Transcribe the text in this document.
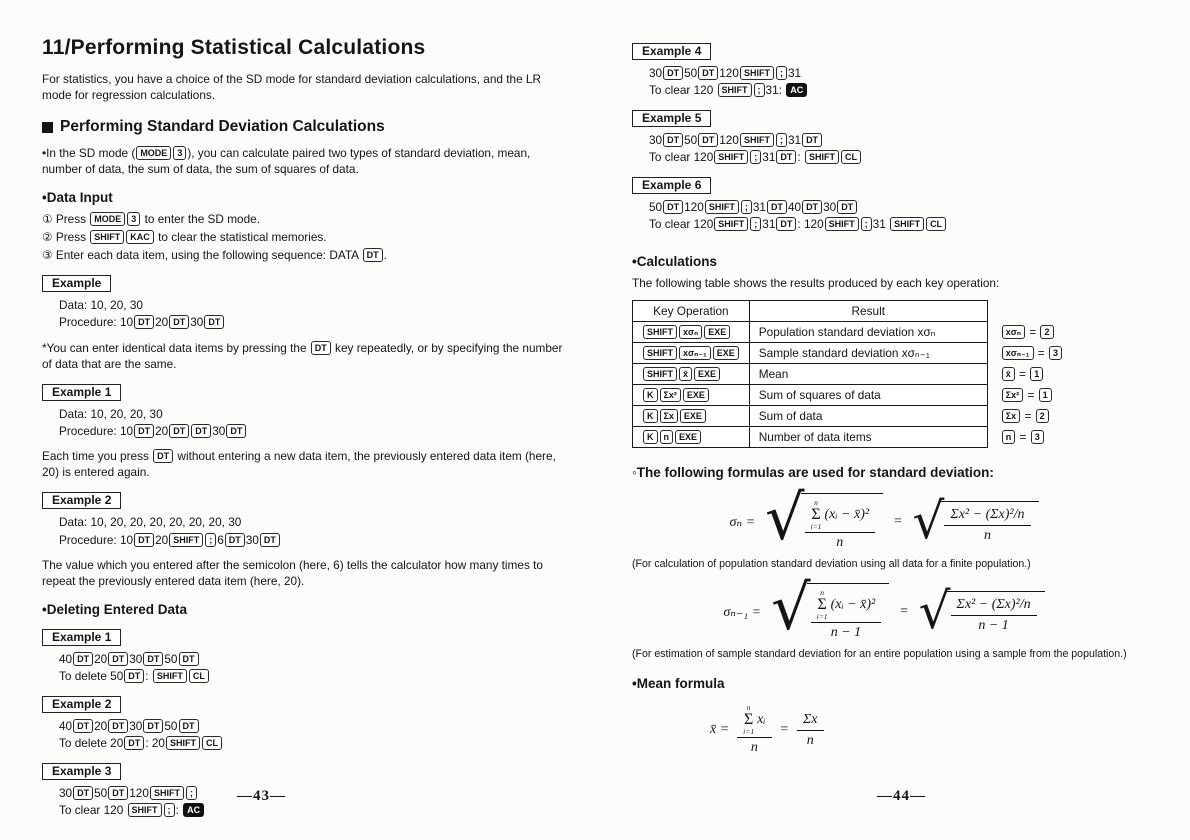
11/Performing Statistical Calculations

For statistics, you have a choice of the SD mode for standard deviation calculations, and the LR mode for regression calculations.

Performing Standard Deviation Calculations

•In the SD mode ( MODE 3 ), you can calculate paired two types of standard deviation, mean, number of data, the sum of data, the sum of squares of data.

•Data Input

① Press MODE 3 to enter the SD mode.

② Press SHIFT KAC to clear the statistical memories.

③ Enter each data item, using the following sequence: DATA DT .

Example

Data: 10, 20, 30

Procedure: 10 DT 20 DT 30 DT

*You can enter identical data items by pressing the DT key repeatedly, or by specifying the number of data that are the same.

Example 1

Data: 10, 20, 20, 30

Procedure: 10 DT 20 DT DT 30 DT

Each time you press DT without entering a new data item, the previously entered data item (here, 20) is entered again.

Example 2

Data: 10, 20, 20, 20, 20, 20, 20, 30

Procedure: 10 DT 20 SHIFT ; 6 DT 30 DT

The value which you entered after the semicolon (here, 6) tells the calculator how many times to repeat the previously entered data item (here, 20).

•Deleting Entered Data
Example 1

40 DT 20 DT 30 DT 50 DT

To delete 50 DT : SHIFT CL

Example 2

40 DT 20 DT 30 DT 50 DT

To delete 20 DT : 20 SHIFT CL

Example 3

30 DT 50 DT 120 SHIFT ;

To clear 120 SHIFT ; : AC

Example 4

30 DT 50 DT 120 SHIFT ; 31

To clear 120 SHIFT ; 31: AC

Example 5

30 DT 50 DT 120 SHIFT ; 31 DT

To clear 120 SHIFT ; 31 DT : SHIFT CL

Example 6

50 DT 120 SHIFT ; 31 DT 40 DT 30 DT

To clear 120 SHIFT ; 31 DT : 120 SHIFT ; 31 SHIFT CL

•Calculations

The following table shows the results produced by each key operation:

Key Operation	Result	
SHIFT xσₙ EXE	Population standard deviation xσₙ	xσₙ = 2
SHIFT xσₙ₋₁ EXE	Sample standard deviation xσₙ₋₁	xσₙ₋₁ = 3
SHIFT x̄ EXE	Mean	x̄ = 1
K Σx² EXE	Sum of squares of data	Σx² = 1
K Σx EXE	Sum of data	Σx = 2
K n EXE	Number of data items	n = 3
◦The following formulas are used for standard deviation:
σₙ = √ n
Σ
i=1
(xᵢ − x̄)²
n
= √ $\frac{\text{Σx² − (Σx)²/n}}{n}$

(For calculation of population standard deviation using all data for a finite population.)

σₙ₋₁ = √ n
Σ
i=1
(xᵢ − x̄)²
n − 1
= √ $\frac{\text{Σx² − (Σx)²/n}}{n - 1}$

(For estimation of sample standard deviation for an entire population using a sample from the population.)

•Mean formula
x̄ = n
Σ
i=1
xᵢ
$n = \frac{\Sigma x}{n}$
—43—	—44—
